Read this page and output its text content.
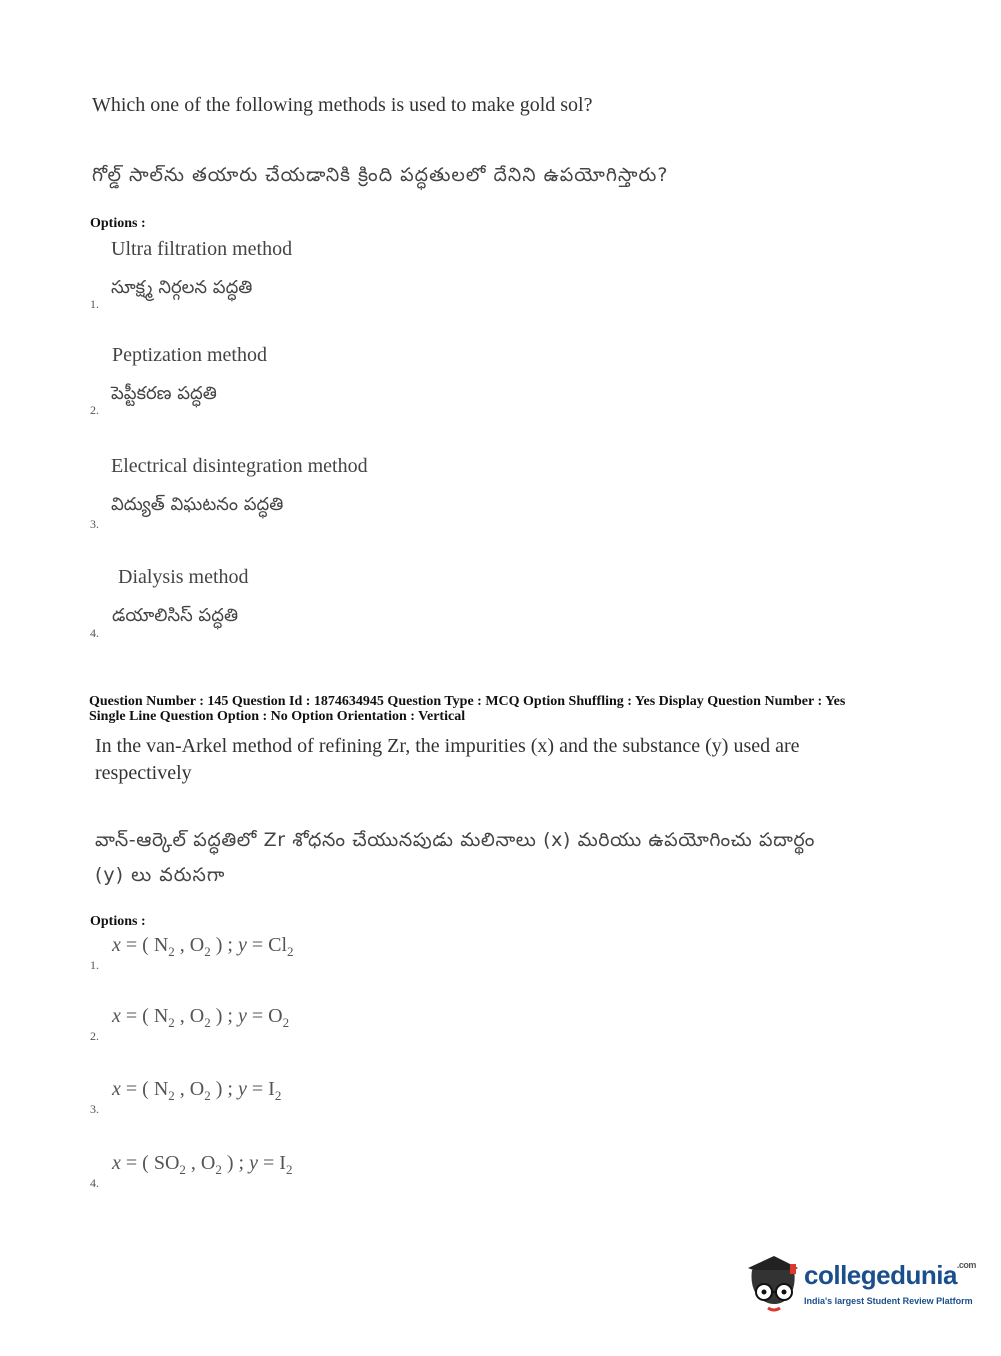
Which one of the following methods is used to make gold sol?
గోల్డ్ సాల్‌ను తయారు చేయడానికి క్రింది పద్ధతులలో దేనిని ఉపయోగిస్తారు?
Options :
Ultra filtration method
సూక్ష్మ నిర్గలన పద్ధతి
1.
Peptization method
పెప్టీకరణ పద్ధతి
2.
Electrical disintegration method
విద్యుత్ విఘటనం పద్ధతి
3.
Dialysis method
డయాలిసిస్ పద్ధతి
4.
Question Number : 145 Question Id : 1874634945 Question Type : MCQ Option Shuffling : Yes Display Question Number : Yes
Single Line Question Option : No Option Orientation : Vertical
In the van-Arkel method of refining Zr, the impurities (x) and the substance (y) used are
respectively
వాన్-ఆర్కెల్ పద్ధతిలో Zr శోధనం చేయునపుడు మలినాలు (x) మరియు ఉపయోగించు పదార్థం
(y) లు వరుసగా
Options :
x = ( $N_2$ , $O_2$ ) ; $y = Cl_2$
1.
x = ( $N_2$ , $O_2$ ) ; $y = O_2$
2.
x = ( $N_2$ , $O_2$ ) ; $y = I_2$
3.
x = ( $SO_2$ , $O_2$ ) ; $y = I_2$
4.
collegedunia$^{.com}$
India's largest Student Review Platform
